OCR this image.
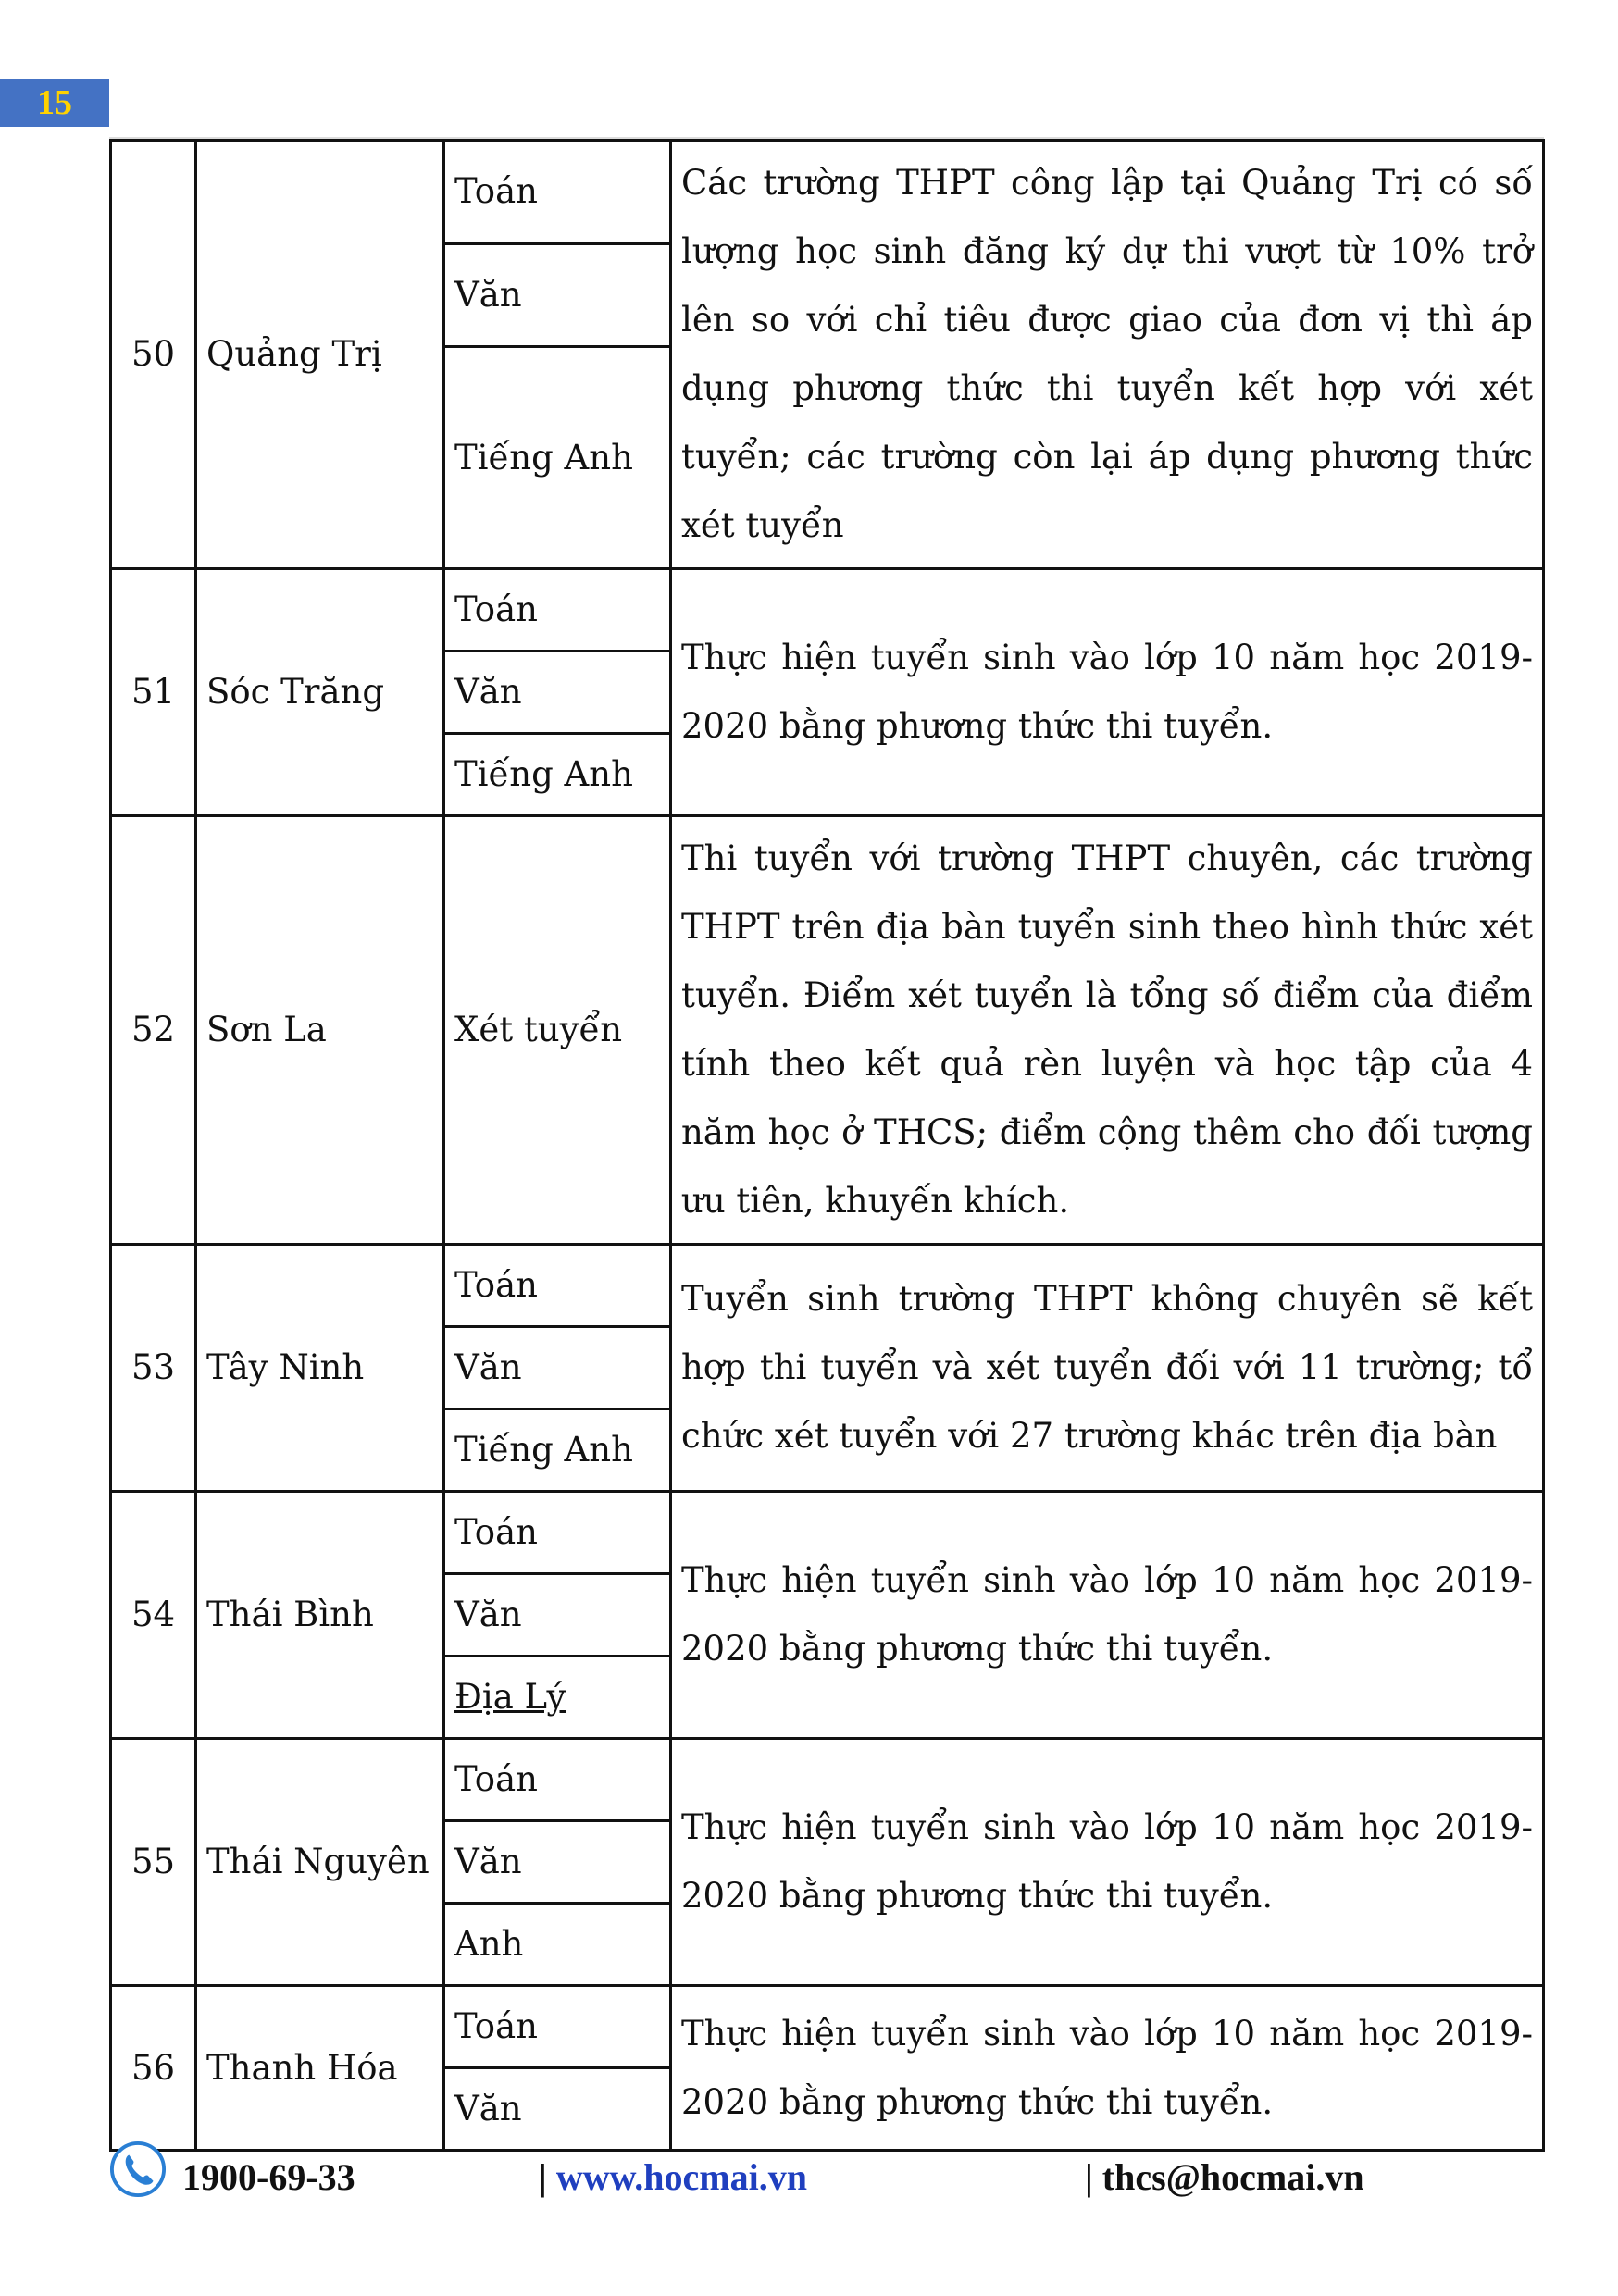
15
50	Quảng Trị	Toán	Các trường THPT công lập tại Quảng Trị có số lượng học sinh đăng ký dự thi vượt từ 10% trở lên so với chỉ tiêu được giao của đơn vị thì áp dụng phương thức thi tuyển kết hợp với xét tuyển; các trường còn lại áp dụng phương thức xét tuyển
		Văn	
		Tiếng Anh	
51	Sóc Trăng	Toán	Thực hiện tuyển sinh vào lớp 10 năm học 2019-2020 bằng phương thức thi tuyển.
		Văn	
		Tiếng Anh	
52	Sơn La	Xét tuyển	Thi tuyển với trường THPT chuyên, các trường THPT trên địa bàn tuyển sinh theo hình thức xét tuyển. Điểm xét tuyển là tổng số điểm của điểm tính theo kết quả rèn luyện và học tập của 4 năm học ở THCS; điểm cộng thêm cho đối tượng ưu tiên, khuyến khích.
53	Tây Ninh	Toán	Tuyển sinh trường THPT không chuyên sẽ kết hợp thi tuyển và xét tuyển đối với 11 trường; tổ chức xét tuyển với 27 trường khác trên địa bàn
		Văn	
		Tiếng Anh	
54	Thái Bình	Toán	Thực hiện tuyển sinh vào lớp 10 năm học 2019-2020 bằng phương thức thi tuyển.
		Văn	
		Địa Lý	
55	Thái Nguyên	Toán	Thực hiện tuyển sinh vào lớp 10 năm học 2019-2020 bằng phương thức thi tuyển.
		Văn	
		Anh	
56	Thanh Hóa	Toán	Thực hiện tuyển sinh vào lớp 10 năm học 2019-2020 bằng phương thức thi tuyển.
		Văn	
1900-69-33	| www.hocmai.vn	| thcs@hocmai.vn
